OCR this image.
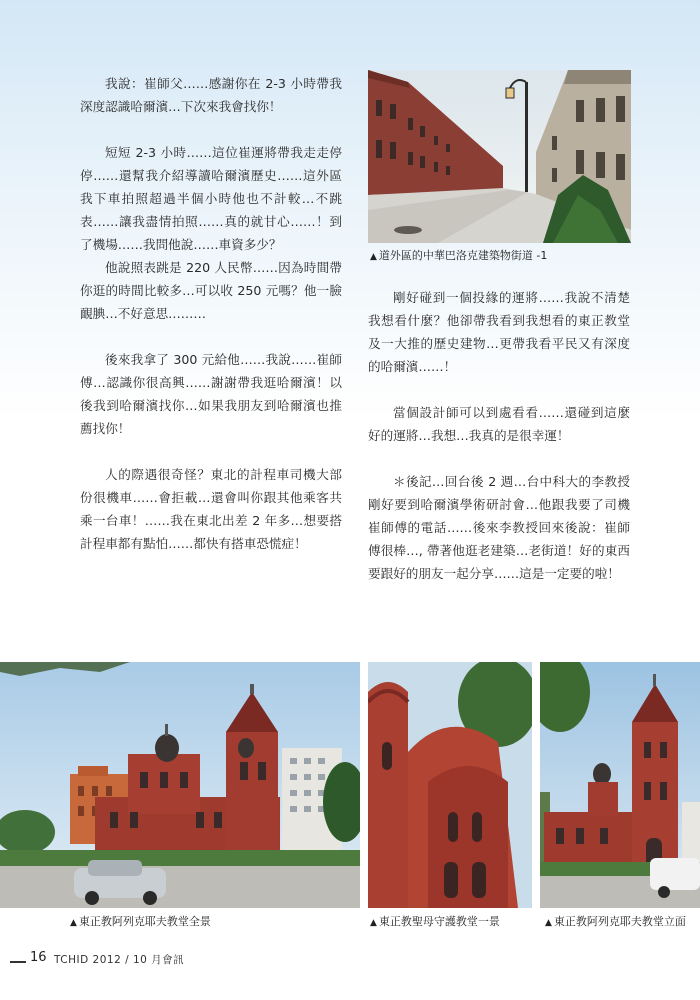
我說：崔師父……感謝你在 2-3 小時帶我深度認識哈爾濱…下次來我會找你！

短短 2-3 小時……這位崔運將帶我走走停停……還幫我介紹導讀哈爾濱歷史……這外區我下車拍照超過半個小時他也不計較…不跳表……讓我盡情拍照……真的就甘心……！到了機場……我問他說……車資多少？

他說照表跳是 220 人民幣……因為時間帶你逛的時間比較多…可以收 250 元嗎？他一臉靦腆…不好意思………

後來我拿了 300 元給他……我說……崔師傅…認識你很高興……謝謝帶我逛哈爾濱！以後我到哈爾濱找你…如果我朋友到哈爾濱也推薦找你！

人的際遇很奇怪？東北的計程車司機大部份很機車……會拒載…還會叫你跟其他乘客共乘一台車！……我在東北出差 2 年多…想要搭計程車都有點怕……都快有搭車恐慌症！

剛好碰到一個投緣的運將……我說不清楚我想看什麼？他卻帶我看到我想看的東正教堂及一大推的歷史建物…更帶我看平民又有深度的哈爾濱……！

當個設計師可以到處看看……還碰到這麼好的運將…我想…我真的是很幸運！

＊後記…回台後 2 週…台中科大的李教授剛好要到哈爾濱學術研討會…他跟我要了司機崔師傅的電話……後來李教授回來後說：崔師傅很棒…, 帶著他逛老建築…老街道！好的東西要跟好的朋友一起分享……這是一定要的啦！

▲ 道外區的中華巴洛克建築物街道 -1
▲ 東正教阿列克耶夫教堂全景	▲ 東正教聖母守護教堂一景	▲ 東正教阿列克耶夫教堂立面
16 TCHID 2012 / 10 月會訊
